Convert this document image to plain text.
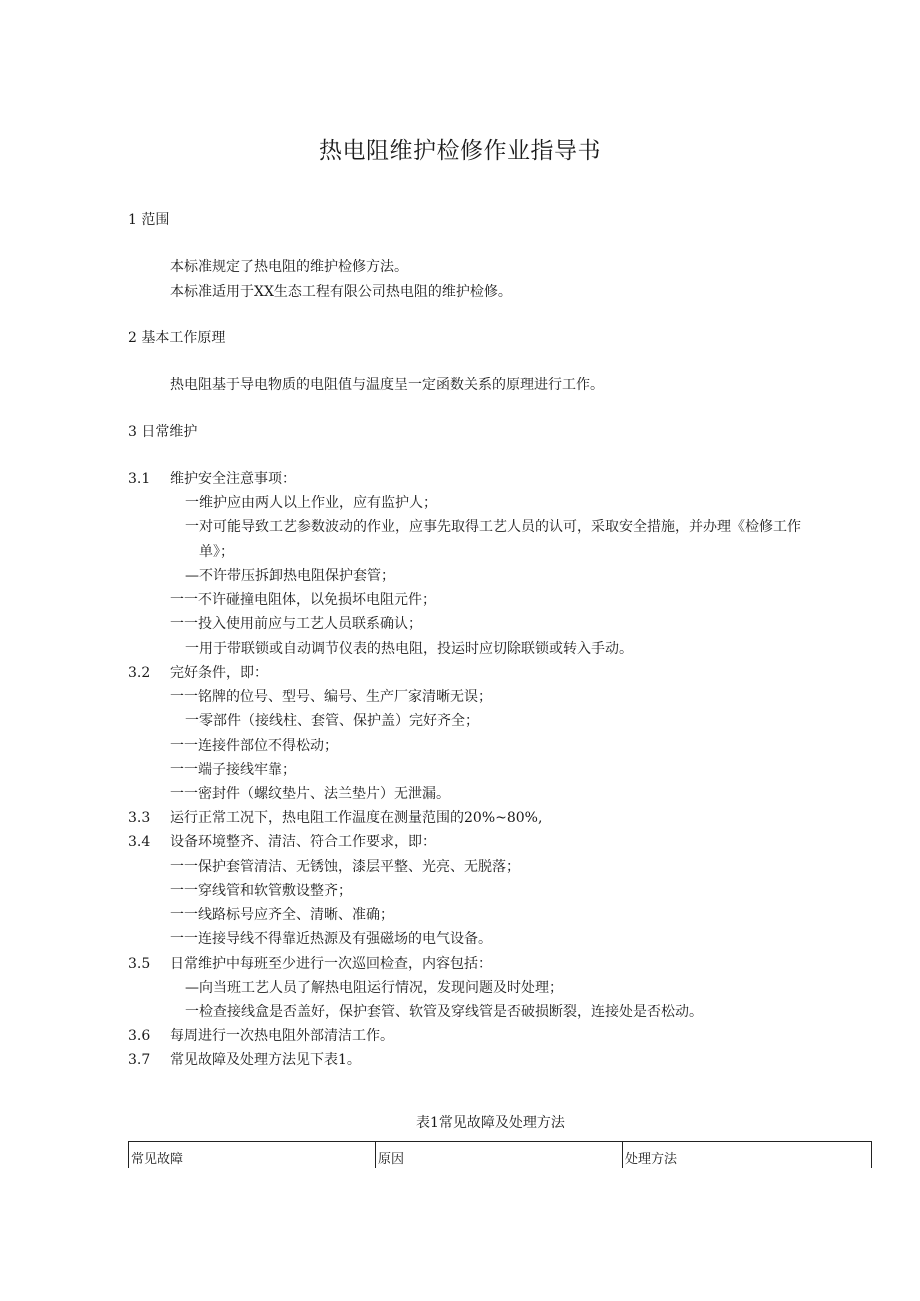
热电阻维护检修作业指导书
1 范围
本标准规定了热电阻的维护检修方法。
本标准适用于XX生态工程有限公司热电阻的维护检修。
2 基本工作原理
热电阻基于导电物质的电阻值与温度呈一定函数关系的原理进行工作。
3 日常维护
3.1 维护安全注意事项：
一维护应由两人以上作业，应有监护人；
一对可能导致工艺参数波动的作业，应事先取得工艺人员的认可，采取安全措施，并办理《检修工作
单》；
—不许带压拆卸热电阻保护套管；
一一不许碰撞电阻体，以免损坏电阻元件；
一一投入使用前应与工艺人员联系确认；
一用于带联锁或自动调节仪表的热电阻，投运时应切除联锁或转入手动。
3.2 完好条件，即：
一一铭牌的位号、型号、编号、生产厂家清晰无误；
一零部件（接线柱、套管、保护盖）完好齐全；
一一连接件部位不得松动；
一一端子接线牢靠；
一一密封件（螺纹垫片、法兰垫片）无泄漏。
3.3 运行正常工况下，热电阻工作温度在测量范围的20%~80%,
3.4 设备环境整齐、清洁、符合工作要求，即：
一一保护套管清洁、无锈蚀，漆层平整、光亮、无脱落；
一一穿线管和软管敷设整齐；
一一线路标号应齐全、清晰、准确；
一一连接导线不得靠近热源及有强磁场的电气设备。
3.5 日常维护中每班至少进行一次巡回检查，内容包括：
—向当班工艺人员了解热电阻运行情况，发现问题及时处理；
一检查接线盒是否盖好，保护套管、软管及穿线管是否破损断裂，连接处是否松动。
3.6 每周进行一次热电阻外部清洁工作。
3.7 常见故障及处理方法见下表1。
表1常见故障及处理方法
常见故障	原因	处理方法
